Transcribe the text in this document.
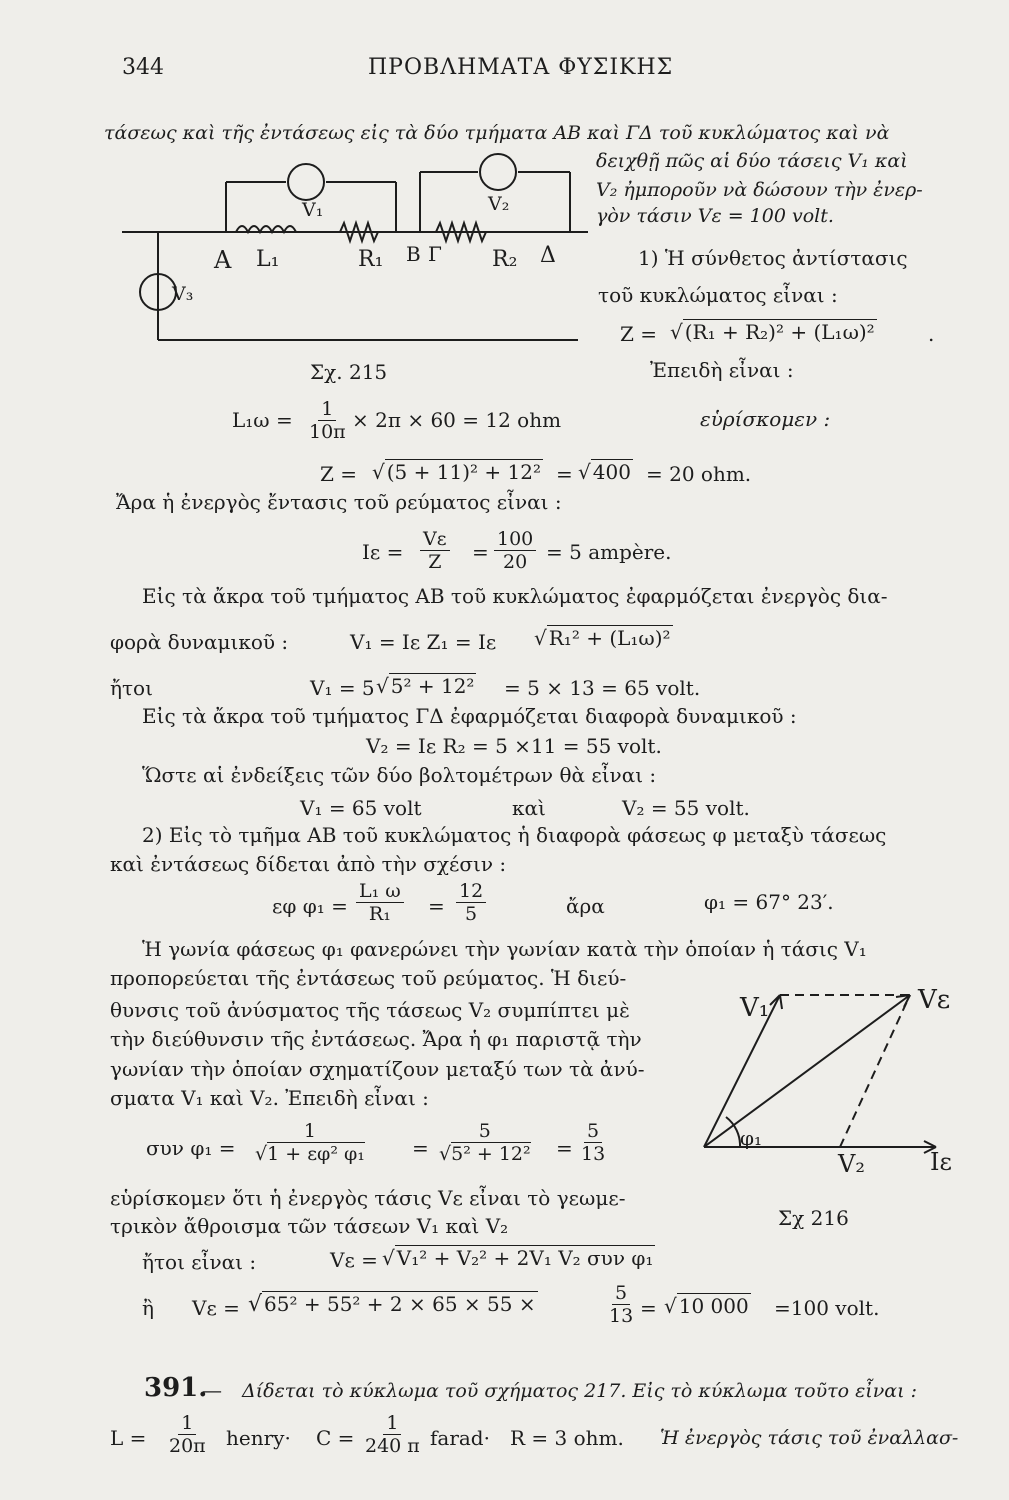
344	ΠΡΟΒΛΗΜΑΤΑ ΦΥΣΙΚΗΣ
τάσεως καὶ τῆς ἐντάσεως εἰς τὰ δύο τμήματα ΑΒ καὶ ΓΔ τοῦ κυκλώματος καὶ νὰ
δειχθῇ πῶς αἱ δύο τάσεις V₁ καὶ
V₂ ἠμποροῦν νὰ δώσουν τὴν ἐνερ-
γὸν τάσιν Vε = 100 volt.
V₁	V₂
V₃
A L₁	R₁ B Γ R₂ Δ
Σχ. 215
1) Ἡ σύνθετος ἀντίστασις
τοῦ κυκλώματος εἶναι :
Z = √ (R₁ + R₂)² + (L₁ω)²	.
Ἐπειδὴ εἶναι :
$L_1\omega = \frac{1}{10\pi} \times 2\pi \times 60 = 12$ ohm	εὑρίσκομεν :
Z = √ (5 + 11)² + 12² = √ 400 = 20 ohm.
Ἄρα ἡ ἐνεργὸς ἔντασις τοῦ ρεύματος εἶναι :
$I\varepsilon = \frac{V\varepsilon}{Z} = \frac{100}{20} = 5$ ampère.
Εἰς τὰ ἄκρα τοῦ τμήματος ΑΒ τοῦ κυκλώματος ἐφαρμόζεται ἐνεργὸς δια-
φορὰ δυναμικοῦ :	V₁ = Iε Z₁ = Iε √ R₁² + (L₁ω)²
ἤτοι	V₁ = 5 √ 5² + 12² = 5 × 13 = 65 volt.
Εἰς τὰ ἄκρα τοῦ τμήματος ΓΔ ἐφαρμόζεται διαφορὰ δυναμικοῦ :
V₂ = Iε R₂ = 5 ×11 = 55 volt.
Ὥστε αἱ ἐνδείξεις τῶν δύο βολτομέτρων θὰ εἶναι :
V₁ = 65 volt	καὶ	V₂ = 55 volt.
2) Εἰς τὸ τμῆμα ΑΒ τοῦ κυκλώματος ἡ διαφορὰ φάσεως φ μεταξὺ τάσεως
καὶ ἐντάσεως δίδεται ἀπὸ τὴν σχέσιν :
εφ $\varphi_1 = \frac{\text{L₁ ω}}{\text{R₁}} = \frac{12}{5}$	ἄρα	φ₁ = 67° 23′.
Ἡ γωνία φάσεως φ₁ φανερώνει τὴν γωνίαν κατὰ τὴν ὁποίαν ἡ τάσις V₁
προπορεύεται τῆς ἐντάσεως τοῦ ρεύματος. Ἡ διεύ-
θυνσις τοῦ ἀνύσματος τῆς τάσεως V₂ συμπίπτει μὲ
τὴν διεύθυνσιν τῆς ἐντάσεως. Ἄρα ἡ φ₁ παριστᾷ τὴν
γωνίαν τὴν ὁποίαν σχηματίζουν μεταξύ των τὰ ἀνύ-
σματα V₁ καὶ V₂. Ἐπειδὴ εἶναι :
V₁	Vε
φ₁
V₂	Iε
Σχ 216
συν $\varphi_1 = \frac{1}{\text{√1 + εφ² φ₁}} = \frac{5}{\text{√5² + 12²}} = \frac{5}{13}$
εὑρίσκομεν ὅτι ἡ ἐνεργὸς τάσις Vε εἶναι τὸ γεωμε-
τρικὸν ἄθροισμα τῶν τάσεων V₁ καὶ V₂
ἤτοι εἶναι :	Vε = √ V₁² + V₂² + 2V₁ V₂ συν φ₁
ἢ Vε = √ 65² + 55² + 2 × 65 × 55 ×	$\frac{5}{13}$ = √ 10 000 =100 volt.
391.
— Δίδεται τὸ κύκλωμα τοῦ σχήματος 217. Εἰς τὸ κύκλωμα τοῦτο εἶναι :
$L = \frac{1}{20\pi}$ henry· $C = \frac{1}{240 \pi}$ farad· R = 3 ohm. Ἡ ἐνεργὸς τάσις τοῦ ἐναλλασ-
